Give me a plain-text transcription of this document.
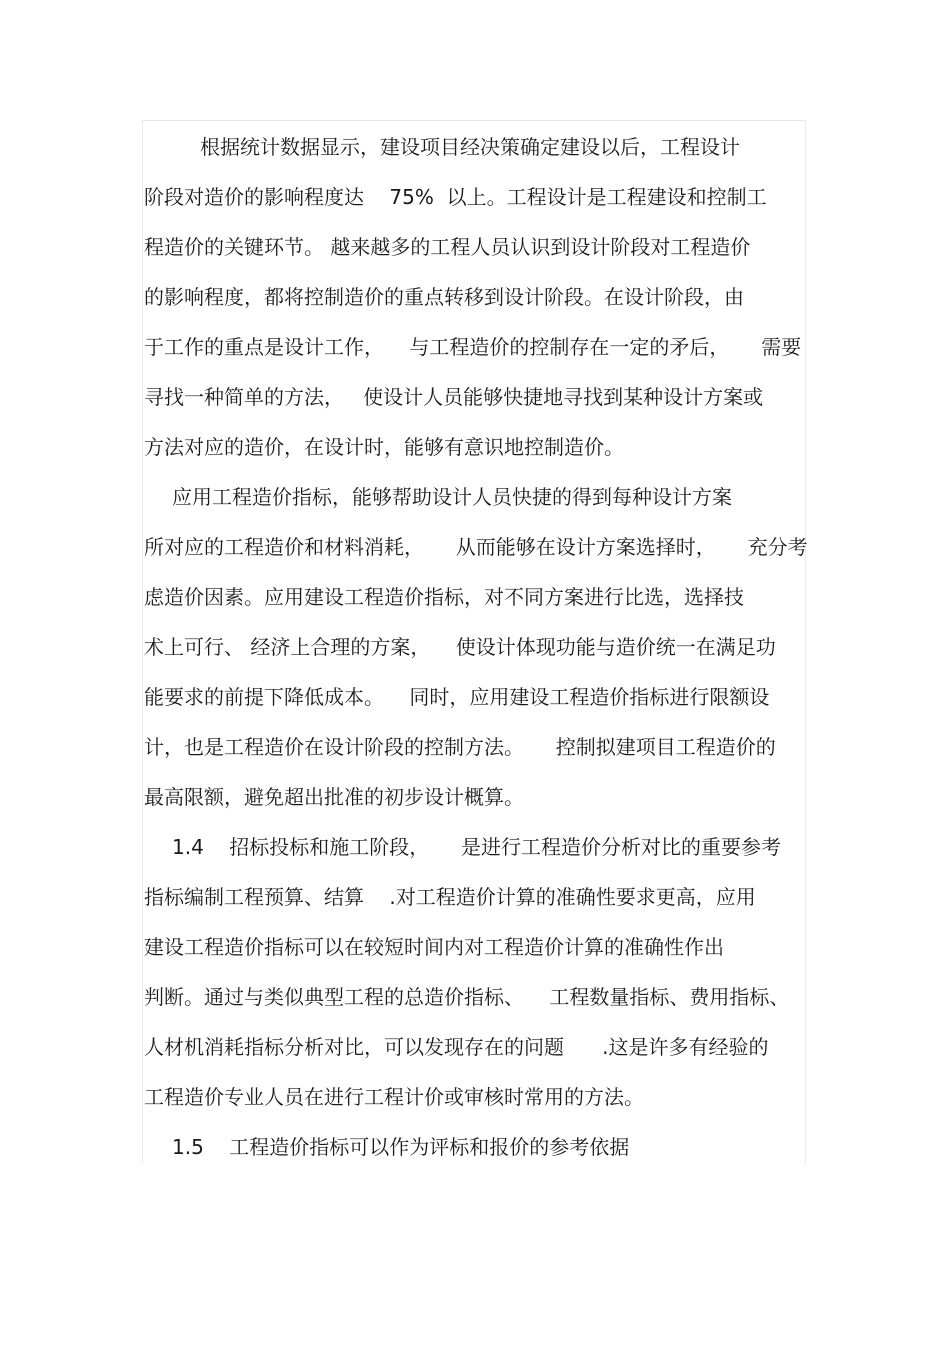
根据统计数据显示，建设项目经决策确定建设以后，工程设计

阶段对造价的影响程度达    75%  以上。工程设计是工程建设和控制工

程造价的关键环节。 越来越多的工程人员认识到设计阶段对工程造价

的影响程度，都将控制造价的重点转移到设计阶段。在设计阶段，由

于工作的重点是设计工作，    与工程造价的控制存在一定的矛后，     需要

寻找一种简单的方法，   使设计人员能够快捷地寻找到某种设计方案或

方法对应的造价，在设计时，能够有意识地控制造价。

应用工程造价指标，能够帮助设计人员快捷的得到每种设计方案

所对应的工程造价和材料消耗，     从而能够在设计方案选择时，     充分考

虑造价因素。应用建设工程造价指标，对不同方案进行比选，选择技

术上可行、 经济上合理的方案，    使设计体现功能与造价统一在满足功

能要求的前提下降低成本。    同时，应用建设工程造价指标进行限额设

计，也是工程造价在设计阶段的控制方法。     控制拟建项目工程造价的

最高限额，避免超出批准的初步设计概算。

1.4    招标投标和施工阶段，     是进行工程造价分析对比的重要参考

指标编制工程预算、结算    .对工程造价计算的准确性要求更高，应用

建设工程造价指标可以在较短时间内对工程造价计算的准确性作出

判断。通过与类似典型工程的总造价指标、    工程数量指标、费用指标、

人材机消耗指标分析对比，可以发现存在的问题      .这是许多有经验的

工程造价专业人员在进行工程计价或审核时常用的方法。

1.5    工程造价指标可以作为评标和报价的参考依据
